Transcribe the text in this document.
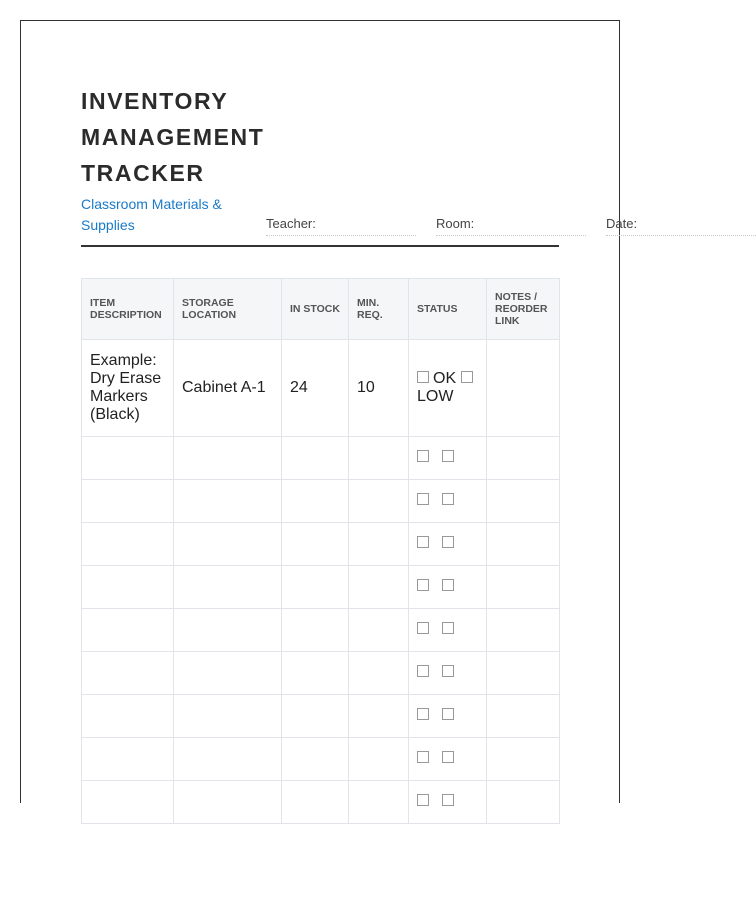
INVENTORY
MANAGEMENT
TRACKER
Classroom Materials & Supplies	Teacher:	Room:	Date:
ITEM DESCRIPTION	STORAGE LOCATION	IN STOCK	MIN. REQ.	STATUS	NOTES / REORDER LINK
Example: Dry Erase Markers (Black)	Cabinet A-1	24	10	OK LOW	
